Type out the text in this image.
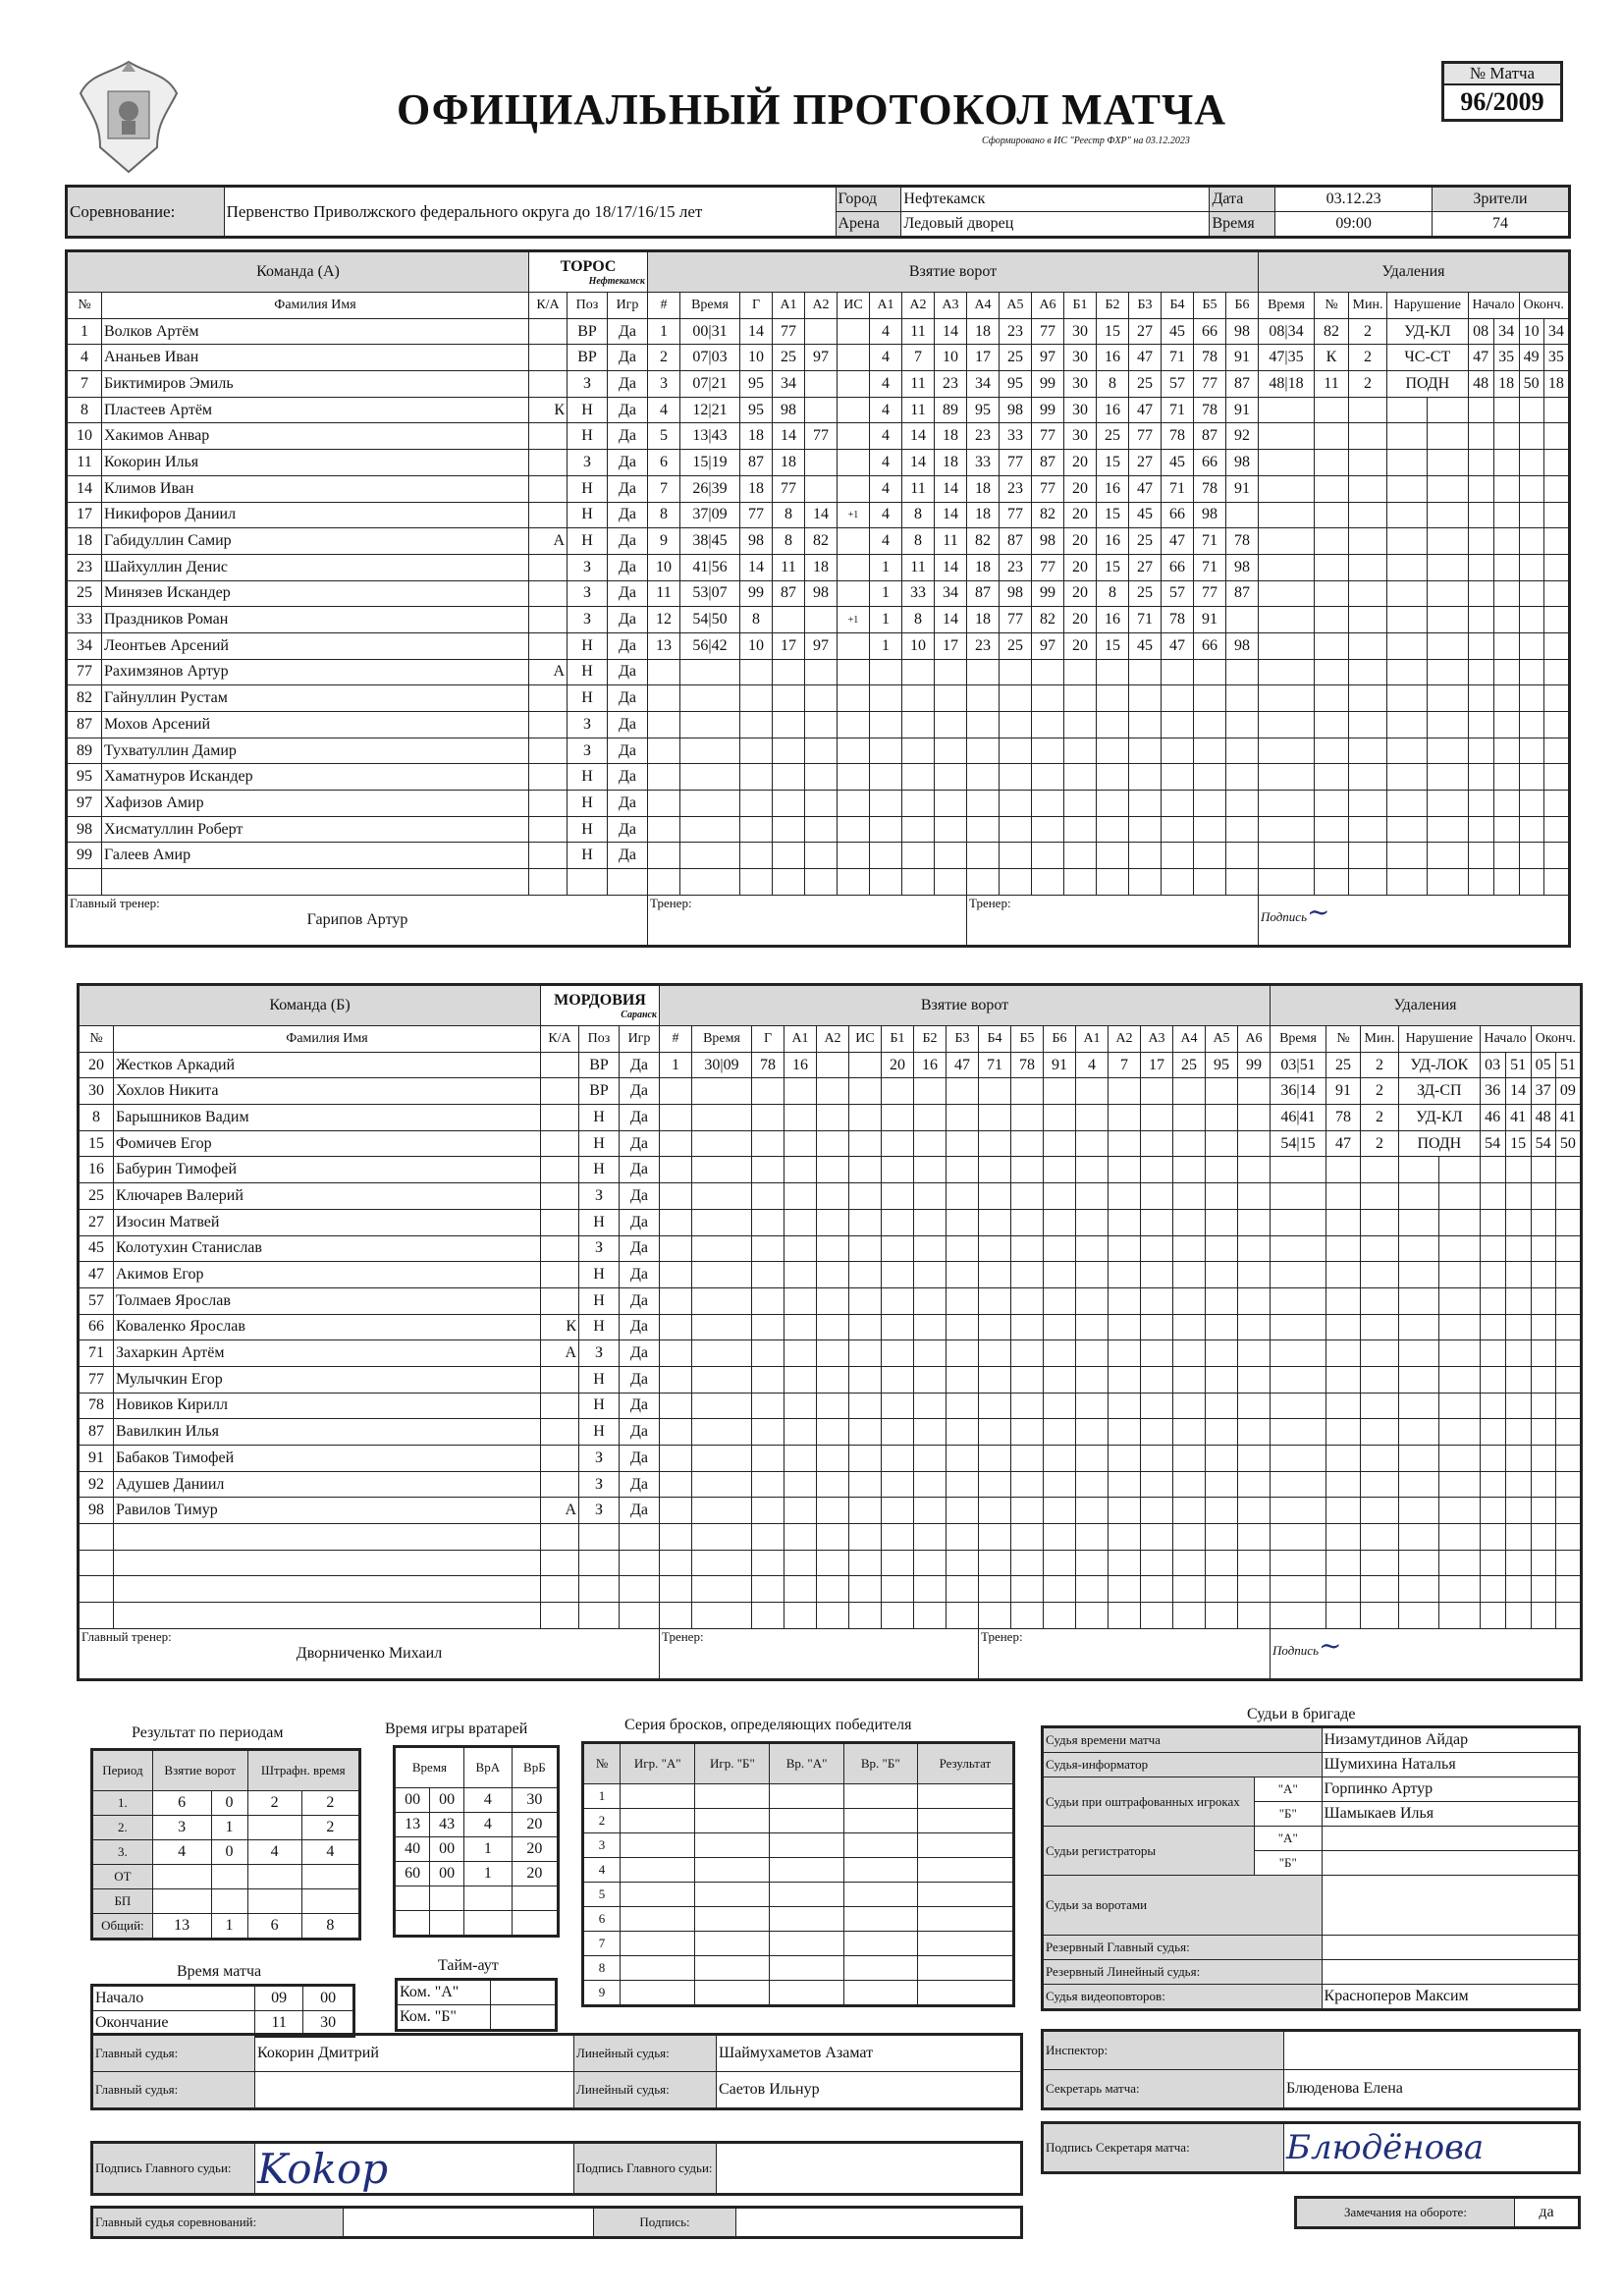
ОФИЦИАЛЬНЫЙ ПРОТОКОЛ МАТЧА
Сформировано в ИС "Реестр ФХР" на 03.12.2023
№ Матча
96/2009
Соревнование:	Первенство Приволжского федерального округа до 18/17/16/15 лет	Город	Нефтекамск	Дата	03.12.23	Зрители
		Арена	Ледовый дворец	Время	09:00	74
Команда (А)		ТОРОС

Нефтекамск			Взятие ворот																		Удаления								
№	Фамилия Имя	К/А	Поз	Игр	#	Время	Г	А1	А2	ИС	А1	А2	А3	А4	А5	А6	Б1	Б2	Б3	Б4	Б5	Б6	Время	№	Мин.	Нарушение		Начало		Оконч.	
1	Волков Артём		ВР	Да	1	00|31	14	77			4	11	14	18	23	77	30	15	27	45	66	98	08|34	82	2	УД-КЛ		08	34	10	34
4	Ананьев Иван		ВР	Да	2	07|03	10	25	97		4	7	10	17	25	97	30	16	47	71	78	91	47|35	К	2	ЧС-СТ		47	35	49	35
7	Биктимиров Эмиль		З	Да	3	07|21	95	34			4	11	23	34	95	99	30	8	25	57	77	87	48|18	11	2	ПОДН		48	18	50	18
8	Пластеев Артём	К	Н	Да	4	12|21	95	98			4	11	89	95	98	99	30	16	47	71	78	91									
10	Хакимов Анвар		Н	Да	5	13|43	18	14	77		4	14	18	23	33	77	30	25	77	78	87	92									
11	Кокорин Илья		З	Да	6	15|19	87	18			4	14	18	33	77	87	20	15	27	45	66	98									
14	Климов Иван		Н	Да	7	26|39	18	77			4	11	14	18	23	77	20	16	47	71	78	91									
17	Никифоров Даниил		Н	Да	8	37|09	77	8	14	+1	4	8	14	18	77	82	20	15	45	66	98										
18	Габидуллин Самир	А	Н	Да	9	38|45	98	8	82		4	8	11	82	87	98	20	16	25	47	71	78									
23	Шайхуллин Денис		З	Да	10	41|56	14	11	18		1	11	14	18	23	77	20	15	27	66	71	98									
25	Минязев Искандер		З	Да	11	53|07	99	87	98		1	33	34	87	98	99	20	8	25	57	77	87									
33	Праздников Роман		З	Да	12	54|50	8			+1	1	8	14	18	77	82	20	16	71	78	91										
34	Леонтьев Арсений		Н	Да	13	56|42	10	17	97		1	10	17	23	25	97	20	15	45	47	66	98									
77	Рахимзянов Артур	А	Н	Да																											
82	Гайнуллин Рустам		Н	Да																											
87	Мохов Арсений		З	Да																											
89	Тухватуллин Дамир		З	Да																											
95	Хаматнуров Искандер		Н	Да																											
97	Хафизов Амир		Н	Да																											
98	Хисматуллин Роберт		Н	Да																											
99	Галеев Амир		Н	Да																											

Главный тренер:
Гарипов Артур					Тренер:									Тренер:									Подпись~								
Команда (Б)		МОРДОВИЯ

Саранск			Взятие ворот																		Удаления								
№	Фамилия Имя	К/А	Поз	Игр	#	Время	Г	А1	А2	ИС	Б1	Б2	Б3	Б4	Б5	Б6	А1	А2	А3	А4	А5	А6	Время	№	Мин.	Нарушение		Начало		Оконч.	
20	Жестков Аркадий		ВР	Да	1	30|09	78	16			20	16	47	71	78	91	4	7	17	25	95	99	03|51	25	2	УД-ЛОК		03	51	05	51
30	Хохлов Никита		ВР	Да																			36|14	91	2	ЗД-СП		36	14	37	09
8	Барышников Вадим		Н	Да																			46|41	78	2	УД-КЛ		46	41	48	41
15	Фомичев Егор		Н	Да																			54|15	47	2	ПОДН		54	15	54	50
16	Бабурин Тимофей		Н	Да																											
25	Ключарев Валерий		З	Да																											
27	Изосин Матвей		Н	Да																											
45	Колотухин Станислав		З	Да																											
47	Акимов Егор		Н	Да																											
57	Толмаев Ярослав		Н	Да																											
66	Коваленко Ярослав	К	Н	Да																											
71	Захаркин Артём	А	З	Да																											
77	Мулычкин Егор		Н	Да																											
78	Новиков Кирилл		Н	Да																											
87	Вавилкин Илья		Н	Да																											
91	Бабаков Тимофей		З	Да																											
92	Адушев Даниил		З	Да																											
98	Равилов Тимур	А	З	Да																											

Главный тренер:
Дворниченко Михаил					Тренер:									Тренер:									Подпись~								
Результат по периодам
Период	Взятие ворот		Штрафн. время	

1.	6	0	2	2
2.	3	1		2
3.	4	0	4	4
ОТ				
БП				
Общий:	13	1	6	8
Время игры вратарей
Время		ВрА	ВрБ
00	00	4	30
13	43	4	20
40	00	1	20
60	00	1	20

Серия бросков, определяющих победителя
№	Игр. "А"	Игр. "Б"	Вр. "А"	Вр. "Б"	Результат
1					
2					
3					
4					
5					
6					
7					
8					
9					
Время матча
Начало	09	00
Окончание	11	30
Тайм-аут
Ком. "А"	
Ком. "Б"	
Судьи в бригаде
Судья времени матча		Низамутдинов Айдар
Судья-информатор		Шумихина Наталья
Судьи при оштрафованных игроках	"А"	Горпинко Артур
	"Б"	Шамыкаев Илья
Судьи регистраторы	"А"	
	"Б"	
Судьи за воротами		
Резервный Главный судья:		
Резервный Линейный судья:		
Судья видеоповторов:		Красноперов Максим
Главный судья:	Кокорин Дмитрий	Линейный судья:	Шаймухаметов Азамат
Главный судья:		Линейный судья:	Саетов Ильнур
Подпись Главного судьи:	Kokop	Подпись Главного судьи:	
Главный судья соревнований:		Подпись:	
Инспектор:	
Секретарь матча:	Блюденова Елена
Подпись Секретаря матча:	Блюдёнова
Замечания на обороте:	да
